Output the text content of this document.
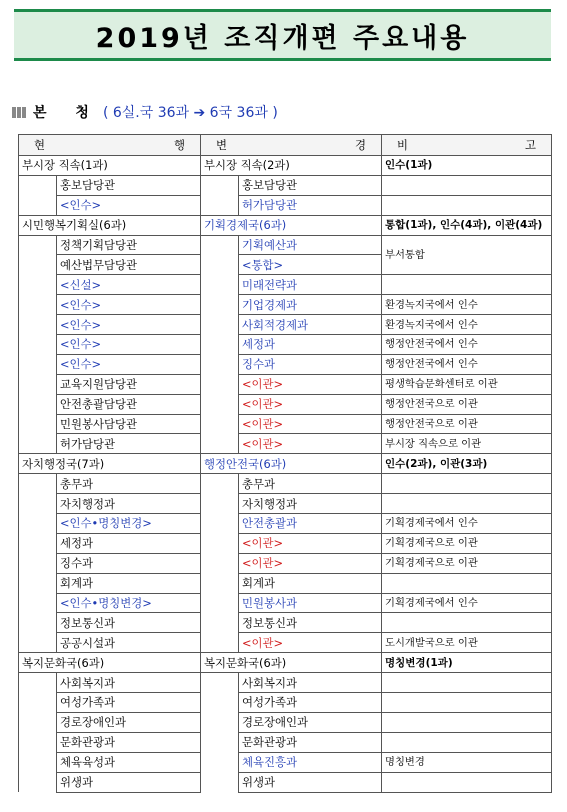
2019년 조직개편 주요내용
본 청 ( 6실.국 36과 ➔ 6국 36과 )
현 행		변 경		비 고

부시장 직속(1과)		부시장 직속(2과)		인수(1과)
	홍보담당관		홍보담당관	
	<인수>		허가담당관	
시민행복기획실(6과)		기획경제국(6과)		통합(1과), 인수(4과), 이관(4과)
	정책기획담당관		기획예산과	부서통합
	예산법무담당관		<통합>	
	<신설>		미래전략과	
	<인수>		기업경제과	환경녹지국에서 인수
	<인수>		사회적경제과	환경녹지국에서 인수
	<인수>		세정과	행정안전국에서 인수
	<인수>		징수과	행정안전국에서 인수
	교육지원담당관		<이관>	평생학습문화센터로 이관
	안전총괄담당관		<이관>	행정안전국으로 이관
	민원봉사담당관		<이관>	행정안전국으로 이관
	허가담당관		<이관>	부시장 직속으로 이관
자치행정국(7과)		행정안전국(6과)		인수(2과), 이관(3과)
	총무과		총무과	
	자치행정과		자치행정과	
	<인수•명칭변경>		안전총괄과	기획경제국에서 인수
	세정과		<이관>	기획경제국으로 이관
	징수과		<이관>	기획경제국으로 이관
	회계과		회계과	
	<인수•명칭변경>		민원봉사과	기획경제국에서 인수
	정보통신과		정보통신과	
	공공시설과		<이관>	도시개발국으로 이관
복지문화국(6과)		복지문화국(6과)		명칭변경(1과)
	사회복지과		사회복지과	
	여성가족과		여성가족과	
	경로장애인과		경로장애인과	
	문화관광과		문화관광과	
	체육육성과		체육진흥과	명칭변경
	위생과		위생과	
